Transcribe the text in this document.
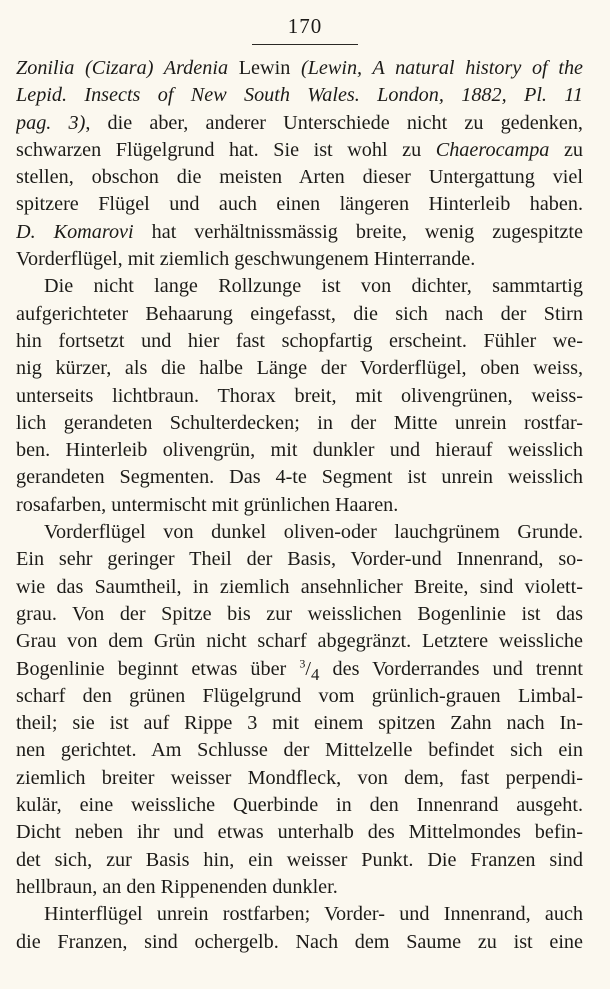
170

Zonilia (Cizara) Ardenia Lewin (Lewin, A natural history of the
Lepid. Insects of New South Wales. London, 1882, Pl. 11
pag. 3), die aber, anderer Unterschiede nicht zu gedenken,
schwarzen Flügelgrund hat. Sie ist wohl zu Chaerocampa zu
stellen, obschon die meisten Arten dieser Untergattung viel
spitzere Flügel und auch einen längeren Hinterleib haben.
D. Komarovi hat verhältnissmässig breite, wenig zugespitzte
Vorderflügel, mit ziemlich geschwungenem Hinterrande.
Die nicht lange Rollzunge ist von dichter, sammtartig
aufgerichteter Behaarung eingefasst, die sich nach der Stirn
hin fortsetzt und hier fast schopfartig erscheint. Fühler we-
nig kürzer, als die halbe Länge der Vorderflügel, oben weiss,
unterseits lichtbraun. Thorax breit, mit olivengrünen, weiss-
lich gerandeten Schulterdecken; in der Mitte unrein rostfar-
ben. Hinterleib olivengrün, mit dunkler und hierauf weisslich
gerandeten Segmenten. Das 4-te Segment ist unrein weisslich
rosafarben, untermischt mit grünlichen Haaren.
Vorderflügel von dunkel oliven-oder lauchgrünem Grunde.
Ein sehr geringer Theil der Basis, Vorder-und Innenrand, so-
wie das Saumtheil, in ziemlich ansehnlicher Breite, sind violett-
grau. Von der Spitze bis zur weisslichen Bogenlinie ist das
Grau von dem Grün nicht scharf abgegränzt. Letztere weissliche
Bogenlinie beginnt etwas über $^3/_4$ des Vorderrandes und trennt
scharf den grünen Flügelgrund vom grünlich-grauen Limbal-
theil; sie ist auf Rippe 3 mit einem spitzen Zahn nach In-
nen gerichtet. Am Schlusse der Mittelzelle befindet sich ein
ziemlich breiter weisser Mondfleck, von dem, fast perpendi-
kulär, eine weissliche Querbinde in den Innenrand ausgeht.
Dicht neben ihr und etwas unterhalb des Mittelmondes befin-
det sich, zur Basis hin, ein weisser Punkt. Die Franzen sind
hellbraun, an den Rippenenden dunkler.
Hinterflügel unrein rostfarben; Vorder- und Innenrand, auch
die Franzen, sind ochergelb. Nach dem Saume zu ist eine
